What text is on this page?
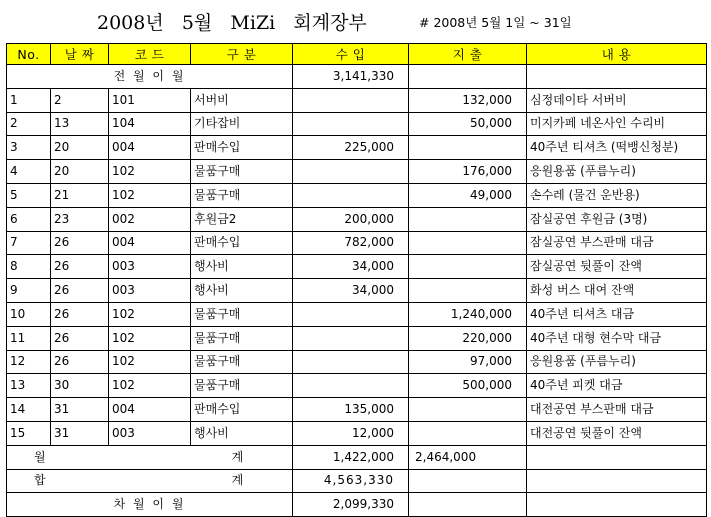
2008년 5월 MiZi 회계장부	# 2008년 5월 1일 ~ 31일
No.	날 짜	코 드	구 분	수 입	지 출	내 용
전 월 이 월				3,141,330		
1	2	101	서버비		132,000	심정데이타 서버비
2	13	104	기타잡비		50,000	미지카페 네온사인 수리비
3	20	004	판매수입	225,000		40주년 티셔츠 (떡뱅신청분)
4	20	102	물품구매		176,000	응원용품 (푸름누리)
5	21	102	물품구매		49,000	손수레 (물건 운반용)
6	23	002	후원금2	200,000		잠실공연 후원금 (3명)
7	26	004	판매수입	782,000		잠실공연 부스판매 대금
8	26	003	행사비	34,000		잠실공연 뒷풀이 잔액
9	26	003	행사비	34,000		화성 버스 대여 잔액
10	26	102	물품구매		1,240,000	40주년 티셔츠 대금
11	26	102	물품구매		220,000	40주년 대형 현수막 대금
12	26	102	물품구매		97,000	응원용품 (푸름누리)
13	30	102	물품구매		500,000	40주년 피켓 대금
14	31	004	판매수입	135,000		대전공연 부스판매 대금
15	31	003	행사비	12,000		대전공연 뒷풀이 잔액
월 계				1,422,000	2,464,000	
합 계				4,563,330		
차 월 이 월				2,099,330		
